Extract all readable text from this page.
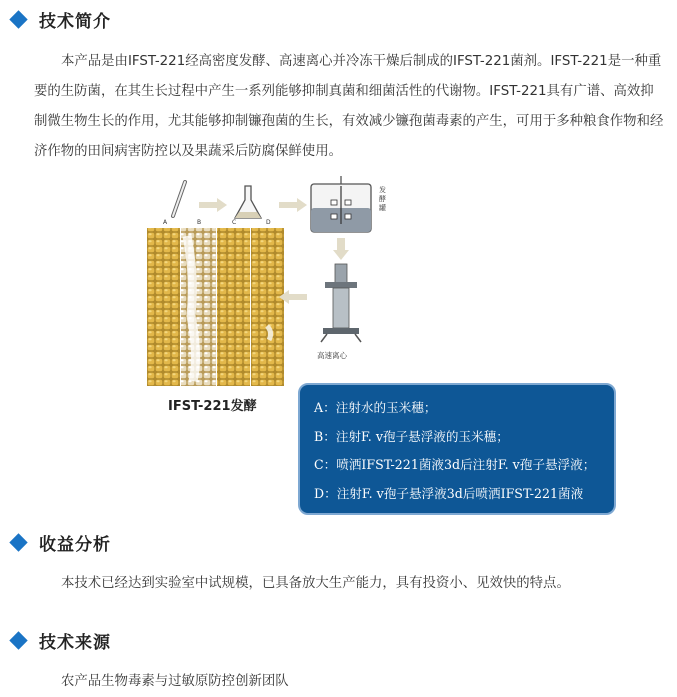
技术简介
本产品是由IFST-221经高密度发酵、高速离心并冷冻干燥后制成的IFST-221菌剂。IFST-221是一种重要的生防菌，在其生长过程中产生一系列能够抑制真菌和细菌活性的代谢物。IFST-221具有广谱、高效抑制微生物生长的作用，尤其能够抑制镰孢菌的生长，有效减少镰孢菌毒素的产生，可用于多种粮食作物和经济作物的田间病害防控以及果蔬采后防腐保鲜使用。
A	B	C	D
发酵罐
高速离心
IFST-221发酵	A：注射水的玉米穗；
B：注射F. v孢子悬浮液的玉米穗；
C：喷洒IFST-221菌液3d后注射F. v孢子悬浮液；
D：注射F. v孢子悬浮液3d后喷洒IFST-221菌液
收益分析
本技术已经达到实验室中试规模，已具备放大生产能力，具有投资小、见效快的特点。
技术来源
农产品生物毒素与过敏原防控创新团队
